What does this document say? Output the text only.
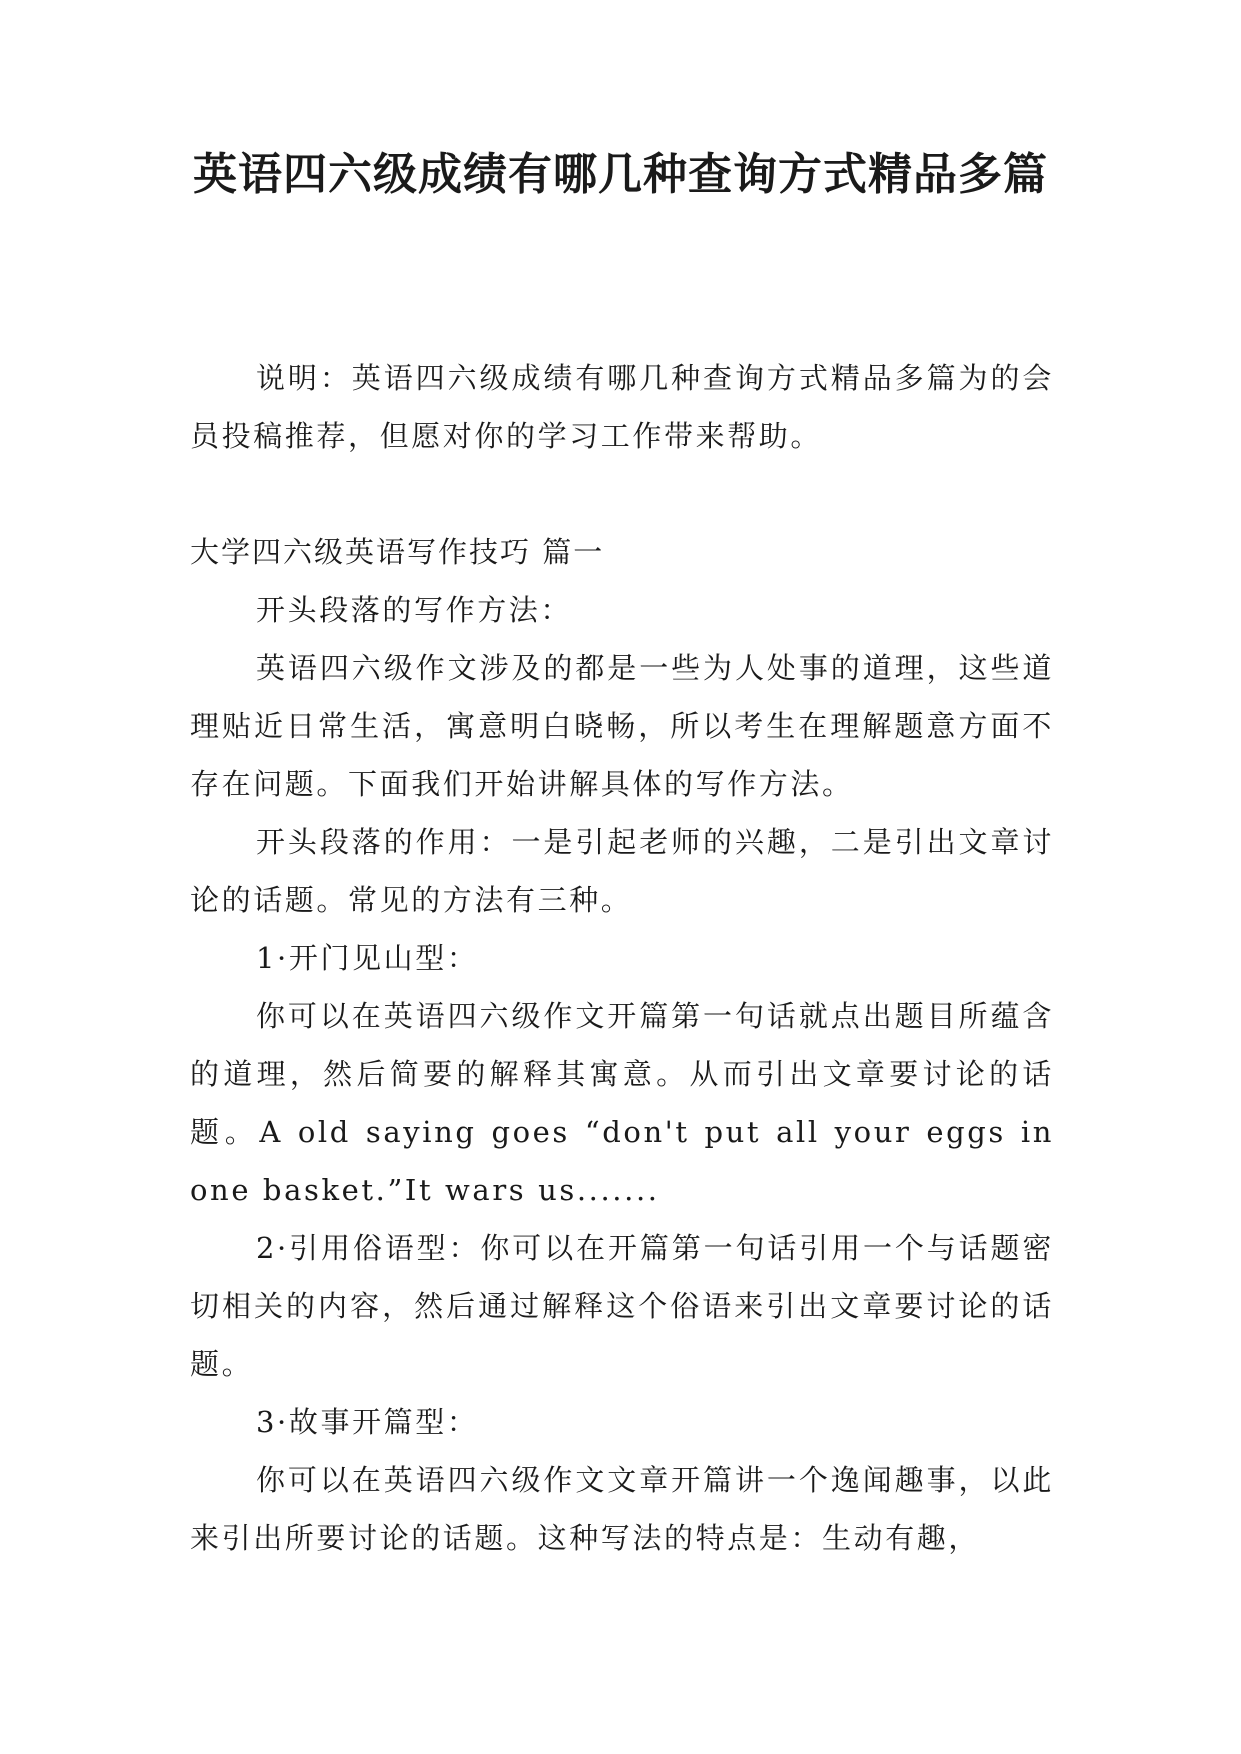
英语四六级成绩有哪几种查询方式精品多篇

说明：英语四六级成绩有哪几种查询方式精品多篇为的会员投稿推荐，但愿对你的学习工作带来帮助。

大学四六级英语写作技巧 篇一

开头段落的写作方法：

英语四六级作文涉及的都是一些为人处事的道理，这些道理贴近日常生活，寓意明白晓畅，所以考生在理解题意方面不存在问题。下面我们开始讲解具体的写作方法。

开头段落的作用：一是引起老师的兴趣，二是引出文章讨论的话题。常见的方法有三种。

1·开门见山型：

你可以在英语四六级作文开篇第一句话就点出题目所蕴含的道理，然后简要的解释其寓意。从而引出文章要讨论的话题。A old saying goes “don't put all your eggs in one basket.”It wars us.......

2·引用俗语型：你可以在开篇第一句话引用一个与话题密切相关的内容，然后通过解释这个俗语来引出文章要讨论的话题。

3·故事开篇型：

你可以在英语四六级作文文章开篇讲一个逸闻趣事，以此来引出所要讨论的话题。这种写法的特点是：生动有趣，
